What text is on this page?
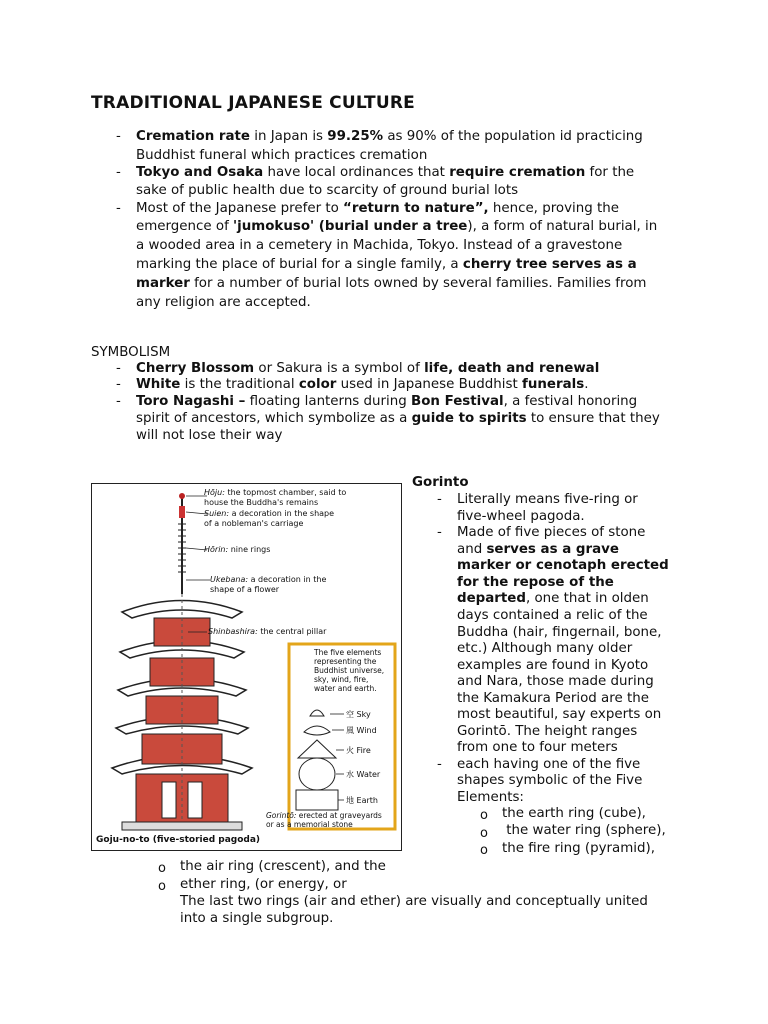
TRADITIONAL JAPANESE CULTURE
- Cremation rate in Japan is 99.25% as 90% of the population id practicing
Buddhist funeral which practices cremation
- Tokyo and Osaka have local ordinances that require cremation for the
sake of public health due to scarcity of ground burial lots
- Most of the Japanese prefer to “return to nature”, hence, proving the
emergence of 'jumokuso' (burial under a tree), a form of natural burial, in
a wooded area in a cemetery in Machida, Tokyo. Instead of a gravestone
marking the place of burial for a single family, a cherry tree serves as a
marker for a number of burial lots owned by several families. Families from
any religion are accepted.
SYMBOLISM
- Cherry Blossom or Sakura is a symbol of life, death and renewal
- White is the traditional color used in Japanese Buddhist funerals.
- Toro Nagashi – floating lanterns during Bon Festival, a festival honoring
spirit of ancestors, which symbolize as a guide to spirits to ensure that they
will not lose their way
Hōju: the topmost chamber, said to
house the Buddha's remains
Suien: a decoration in the shape
of a nobleman's carriage
Hōrin: nine rings
Ukebana: a decoration in the
shape of a flower
Shinbashira: the central pillar
The five elements
representing the
Buddhist universe,
sky, wind, fire,
water and earth.
空 Sky
風 Wind
火 Fire
水 Water
地 Earth
Gorintō: erected at graveyards
or as a memorial stone
Goju-no-to (five-storied pagoda)
Gorinto
- Literally means five-ring or
five-wheel pagoda.
- Made of five pieces of stone
and serves as a grave
marker or cenotaph erected
for the repose of the
departed, one that in olden
days contained a relic of the
Buddha (hair, fingernail, bone,
etc.) Although many older
examples are found in Kyoto
and Nara, those made during
the Kamakura Period are the
most beautiful, say experts on
Gorintō. The height ranges
from one to four meters
- each having one of the five
shapes symbolic of the Five
Elements:
o the earth ring (cube),
o the water ring (sphere),
o the fire ring (pyramid),
o the air ring (crescent), and the
o ether ring, (or energy, or
The last two rings (air and ether) are visually and conceptually united
into a single subgroup.
